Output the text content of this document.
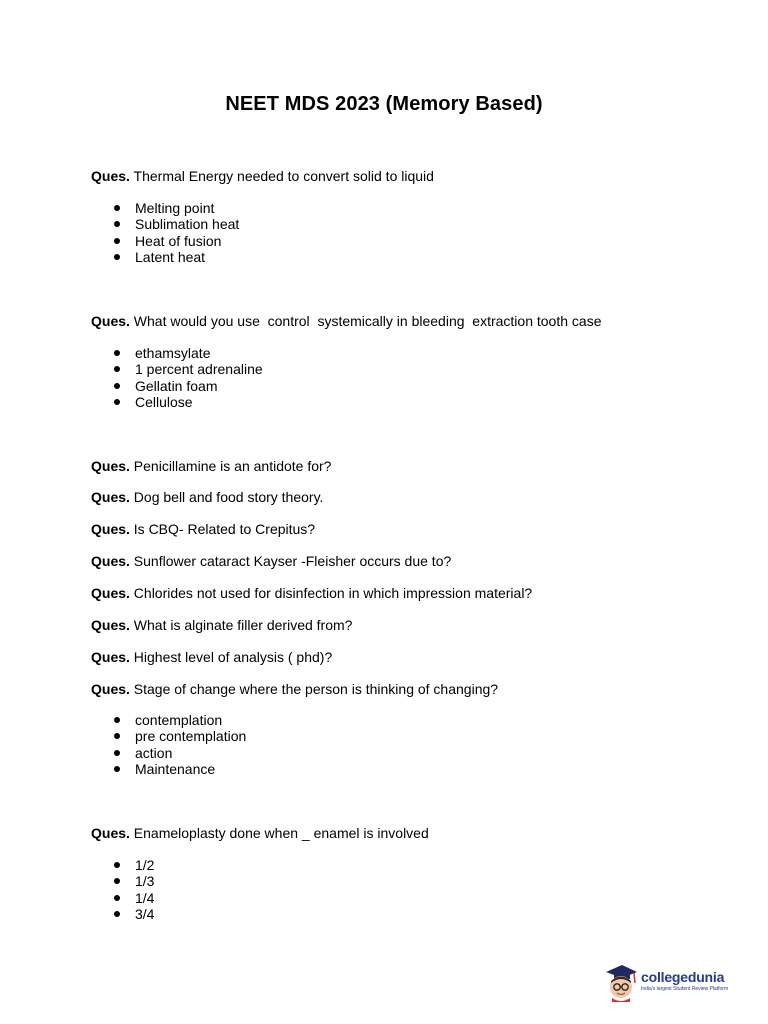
NEET MDS 2023 (Memory Based)
Ques. Thermal Energy needed to convert solid to liquid
Melting point
Sublimation heat
Heat of fusion
Latent heat
Ques. What would you use  control  systemically in bleeding  extraction tooth case
ethamsylate
1 percent adrenaline
Gellatin foam
Cellulose
Ques. Penicillamine is an antidote for?
Ques. Dog bell and food story theory.
Ques. Is CBQ- Related to Crepitus?
Ques. Sunflower cataract Kayser -Fleisher occurs due to?
Ques. Chlorides not used for disinfection in which impression material?
Ques. What is alginate filler derived from?
Ques. Highest level of analysis ( phd)?
Ques. Stage of change where the person is thinking of changing?
contemplation
pre contemplation
action
Maintenance
Ques. Enameloplasty done when _ enamel is involved
1/2
1/3
1/4
3/4
collegedunia
India's largest Student Review Platform
